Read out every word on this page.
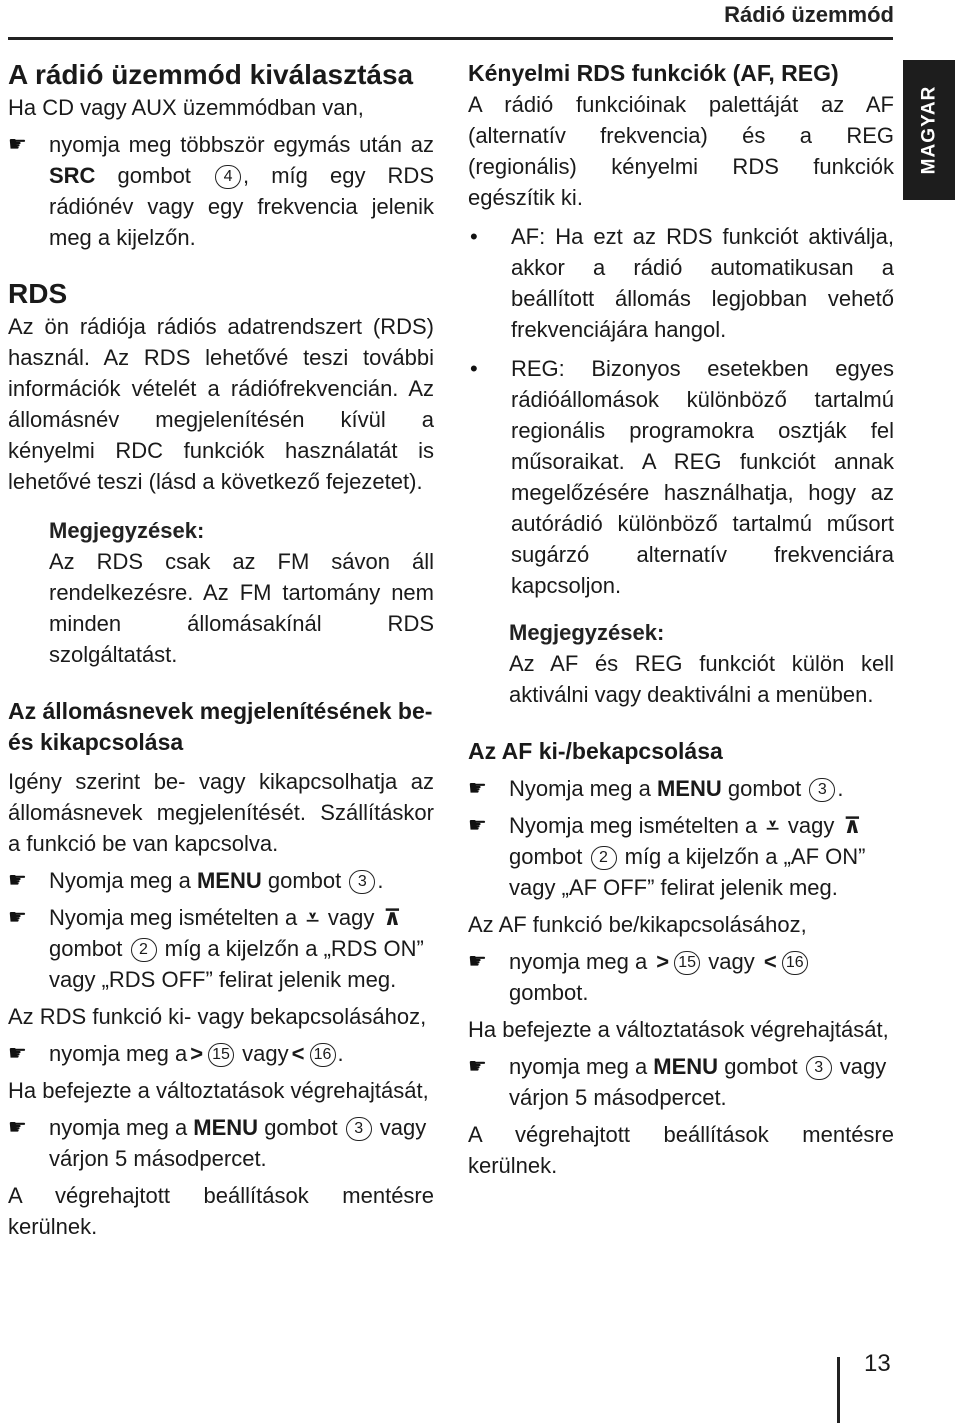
Rádió üzemmód
MAGYAR

A rádió üzemmód kiválasztása

Ha CD vagy AUX üzemmódban van,

☛	nyomja meg többször egymás után az SRC gombot 4 , míg egy RDS rádiónév vagy egy frekvencia jelenik meg a kijelzőn.

RDS

Az ön rádiója rádiós adatrendszert (RDS) használ. Az RDS lehetővé teszi további információk vételét a rádiófrekvencián. Az állomásnév megjelenítésén kívül a kényelmi RDC funkciók használatát is lehetővé teszi (lásd a következő fejezetet).

Megjegyzések:

Az RDS csak az FM sávon áll rendelkezésre. Az FM tartomány nem minden állomásakínál RDS szolgáltatást.

Az állomásnevek megjelenítésének be- és kikapcsolása

Igény szerint be- vagy kikapcsolhatja az állomásnevek megjelenítését. Szállításkor a funkció be van kapcsolva.

☛	Nyomja meg a MENU gombot 3 .
☛	Nyomja meg ismételten a ⩡ vagy ⊼
gombot 2 míg a kijelzőn a „RDS ON” vagy „RDS OFF” felirat jelenik meg.

Az RDS funkció ki- vagy bekapcsolásához,

☛	nyomja meg a > 15 vagy < 16 .

Ha befejezte a változtatások végrehajtását,

☛	nyomja meg a MENU gombot 3 vagy várjon 5 másodpercet.

A végrehajtott beállítások mentésre kerülnek.

Kényelmi RDS funkciók (AF, REG)

A rádió funkcióinak palettáját az AF (alternatív frekvencia) és a REG (regionális) kényelmi RDS funkciók egészítik ki.

•	AF: Ha ezt az RDS funkciót aktiválja, akkor a rádió automatikusan a beállított állomás legjobban vehető frekvenciájára hangol.
•	REG: Bizonyos esetekben egyes rádióállomások különböző tartalmú regionális programokra osztják fel műsoraikat. A REG funkciót annak megelőzésére használhatja, hogy az autórádió különböző tartalmú műsort sugárzó alternatív frekvenciára kapcsoljon.

Megjegyzések:

Az AF és REG funkciót külön kell aktiválni vagy deaktiválni a menüben.

Az AF ki-/bekapcsolása

☛	Nyomja meg a MENU gombot 3 .
☛	Nyomja meg ismételten a ⩡ vagy ⊼
gombot 2 míg a kijelzőn a „AF ON” vagy „AF OFF” felirat jelenik meg.

Az AF funkció be/kikapcsolásához,

☛	nyomja meg a > 15 vagy < 16 gombot.

Ha befejezte a változtatások végrehajtását,

☛	nyomja meg a MENU gombot 3 vagy várjon 5 másodpercet.

A végrehajtott beállítások mentésre kerülnek.

13
